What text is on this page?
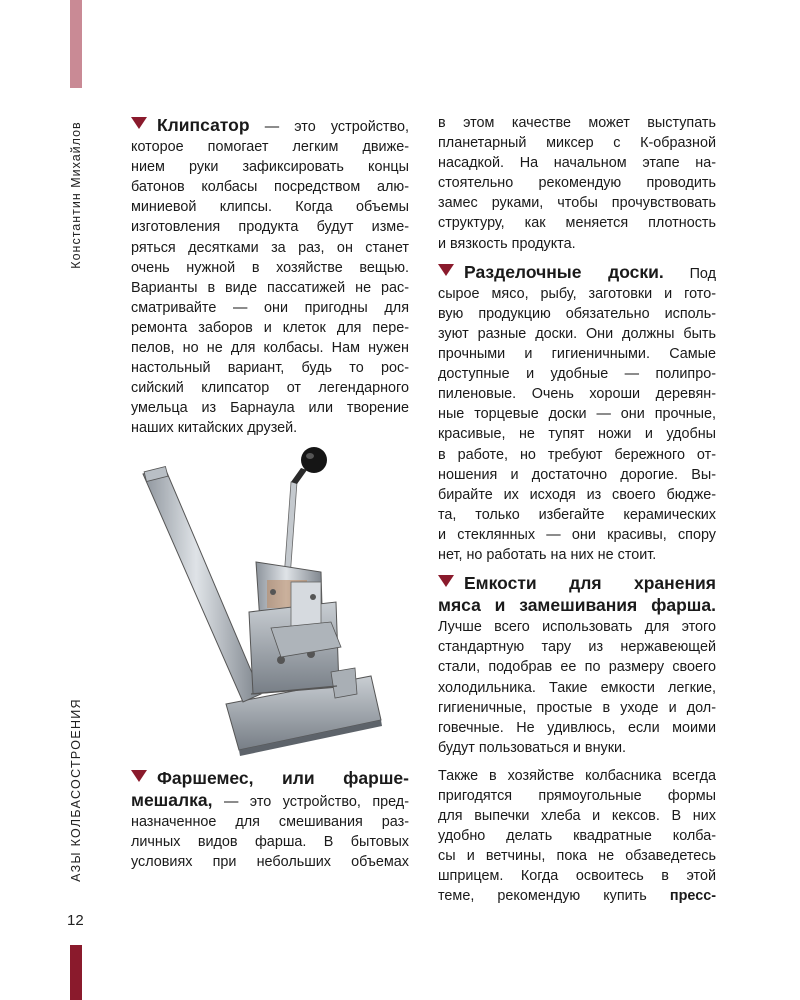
Константин Михайлов
АЗЫ КОЛБАСОСТРОЕНИЯ
12

Клипсатор — это устройство,

которое помогает легким движе-

нием руки зафиксировать концы

батонов колбасы посредством алю-

миниевой клипсы. Когда объемы

изготовления продукта будут изме-

ряться десятками за раз, он станет

очень нужной в хозяйстве вещью.

Варианты в виде пассатижей не рас-

сматривайте — они пригодны для

ремонта заборов и клеток для пере-

пелов, но не для колбасы. Нам нужен

настольный вариант, будь то рос-

сийский клипсатор от легендарного

умельца из Барнаула или творение

наших китайских друзей.

Фаршемес, или фарше-

мешалка, — это устройство, пред-

назначенное для смешивания раз-

личных видов фарша. В бытовых

условиях при небольших объемах

в этом качестве может выступать

планетарный миксер с К-образной

насадкой. На начальном этапе на-

стоятельно рекомендую проводить

замес руками, чтобы прочувствовать

структуру, как меняется плотность

и вязкость продукта.

Разделочные доски. Под

сырое мясо, рыбу, заготовки и гото-

вую продукцию обязательно исполь-

зуют разные доски. Они должны быть

прочными и гигиеничными. Самые

доступные и удобные — полипро-

пиленовые. Очень хороши деревян-

ные торцевые доски — они прочные,

красивые, не тупят ножи и удобны

в работе, но требуют бережного от-

ношения и достаточно дорогие. Вы-

бирайте их исходя из своего бюдже-

та, только избегайте керамических

и стеклянных — они красивы, спору

нет, но работать на них не стоит.

Емкости для хранения

мяса и замешивания фарша.

Лучше всего использовать для этого

стандартную тару из нержавеющей

стали, подобрав ее по размеру своего

холодильника. Такие емкости легкие,

гигиеничные, простые в уходе и дол-

говечные. Не удивлюсь, если моими

будут пользоваться и внуки.

Также в хозяйстве колбасника всегда

пригодятся прямоугольные формы

для выпечки хлеба и кексов. В них

удобно делать квадратные колба-

сы и ветчины, пока не обзаведетесь

шприцем. Когда освоитесь в этой

теме, рекомендую купить пресс-
